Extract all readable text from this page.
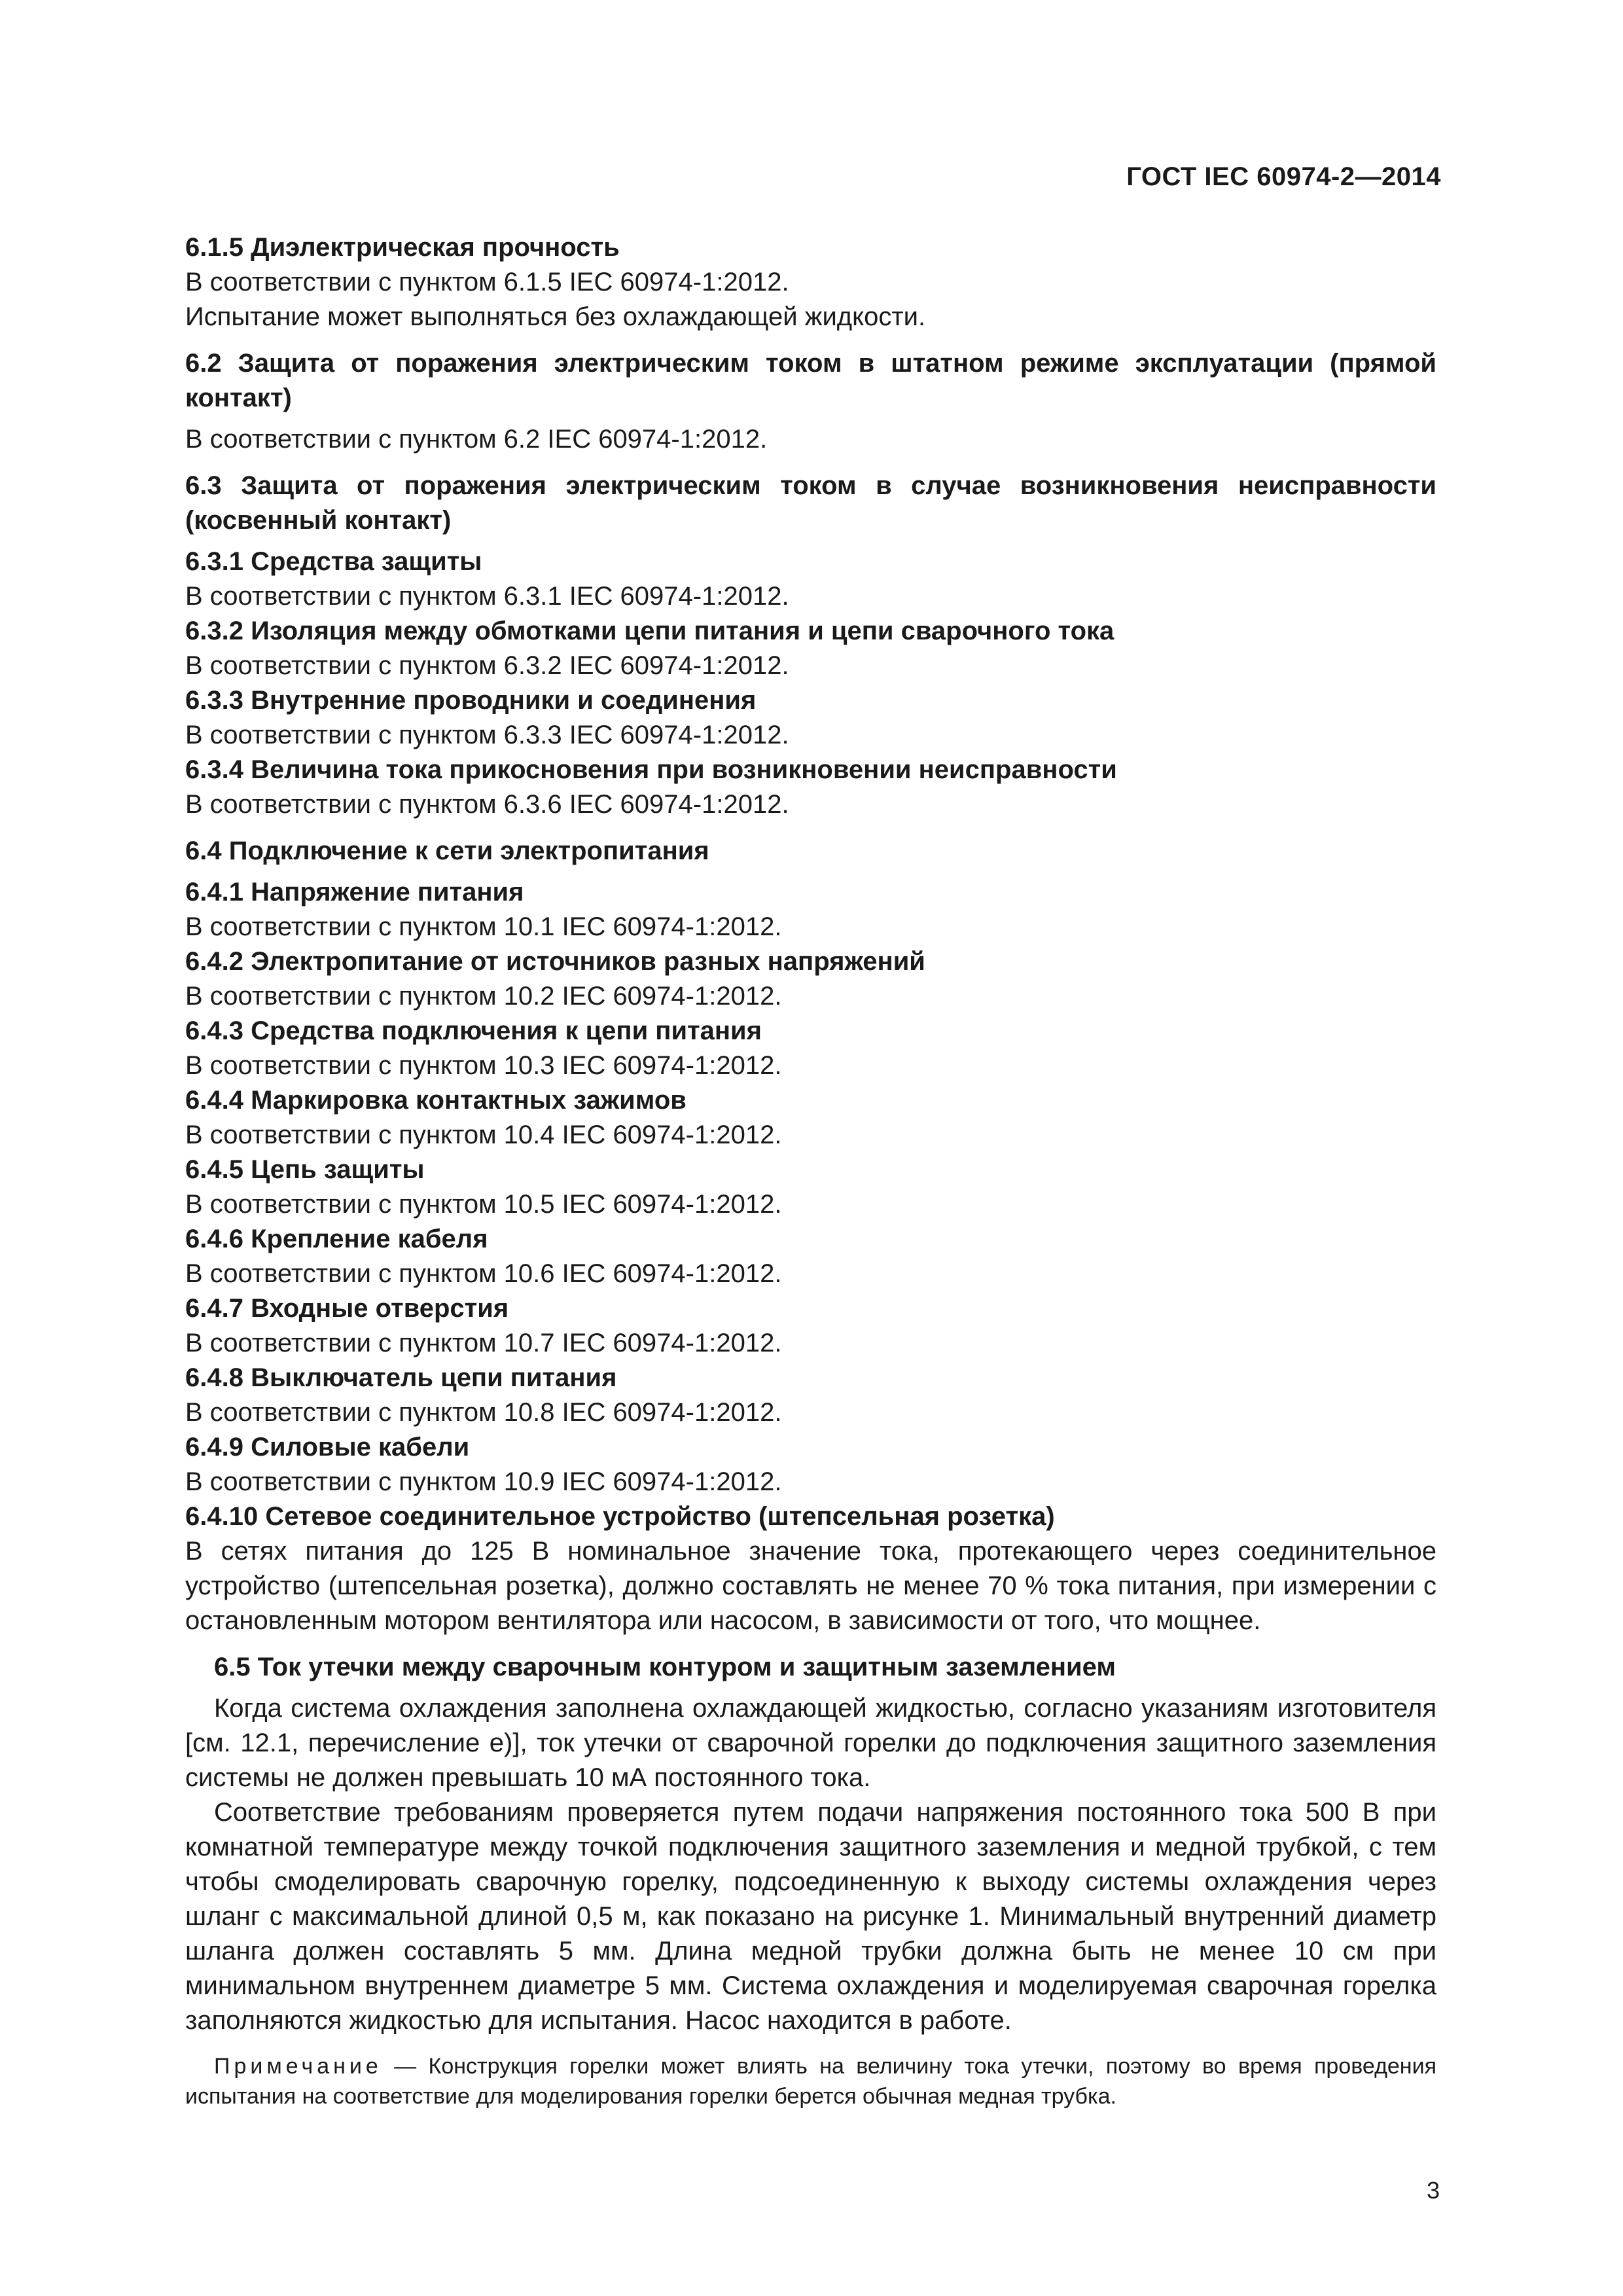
ГОСТ IEC 60974-2—2014
6.1.5 Диэлектрическая прочность
В соответствии с пунктом 6.1.5 IEC 60974-1:2012.
Испытание может выполняться без охлаждающей жидкости.
6.2 Защита от поражения электрическим током в штатном режиме эксплуатации (прямой контакт)
В соответствии с пунктом 6.2 IEC 60974-1:2012.
6.3 Защита от поражения электрическим током в случае возникновения неисправности (косвенный контакт)
6.3.1 Средства защиты
В соответствии с пунктом 6.3.1 IEC 60974-1:2012.
6.3.2 Изоляция между обмотками цепи питания и цепи сварочного тока
В соответствии с пунктом 6.3.2 IEC 60974-1:2012.
6.3.3 Внутренние проводники и соединения
В соответствии с пунктом 6.3.3 IEC 60974-1:2012.
6.3.4 Величина тока прикосновения при возникновении неисправности
В соответствии с пунктом 6.3.6 IEC 60974-1:2012.
6.4 Подключение к сети электропитания
6.4.1 Напряжение питания
В соответствии с пунктом 10.1 IEC 60974-1:2012.
6.4.2 Электропитание от источников разных напряжений
В соответствии с пунктом 10.2 IEC 60974-1:2012.
6.4.3 Средства подключения к цепи питания
В соответствии с пунктом 10.3 IEC 60974-1:2012.
6.4.4 Маркировка контактных зажимов
В соответствии с пунктом 10.4 IEC 60974-1:2012.
6.4.5 Цепь защиты
В соответствии с пунктом 10.5 IEC 60974-1:2012.
6.4.6 Крепление кабеля
В соответствии с пунктом 10.6 IEC 60974-1:2012.
6.4.7 Входные отверстия
В соответствии с пунктом 10.7 IEC 60974-1:2012.
6.4.8 Выключатель цепи питания
В соответствии с пунктом 10.8 IEC 60974-1:2012.
6.4.9 Силовые кабели
В соответствии с пунктом 10.9 IEC 60974-1:2012.
6.4.10 Сетевое соединительное устройство (штепсельная розетка)
В сетях питания до 125 В номинальное значение тока, протекающего через соединительное устройство (штепсельная розетка), должно составлять не менее 70 % тока питания, при измерении с остановленным мотором вентилятора или насосом, в зависимости от того, что мощнее.
6.5 Ток утечки между сварочным контуром и защитным заземлением
Когда система охлаждения заполнена охлаждающей жидкостью, согласно указаниям изготовителя [см. 12.1, перечисление е)], ток утечки от сварочной горелки до подключения защитного заземления системы не должен превышать 10 мА постоянного тока.
Соответствие требованиям проверяется путем подачи напряжения постоянного тока 500 В при комнатной температуре между точкой подключения защитного заземления и медной трубкой, с тем чтобы смоделировать сварочную горелку, подсоединенную к выходу системы охлаждения через шланг с максимальной длиной 0,5 м, как показано на рисунке 1. Минимальный внутренний диаметр шланга должен составлять 5 мм. Длина медной трубки должна быть не менее 10 см при минимальном внутреннем диаметре 5 мм. Система охлаждения и моделируемая сварочная горелка заполняются жидкостью для испытания. Насос находится в работе.
Примечание — Конструкция горелки может влиять на величину тока утечки, поэтому во время проведения испытания на соответствие для моделирования горелки берется обычная медная трубка.
3
